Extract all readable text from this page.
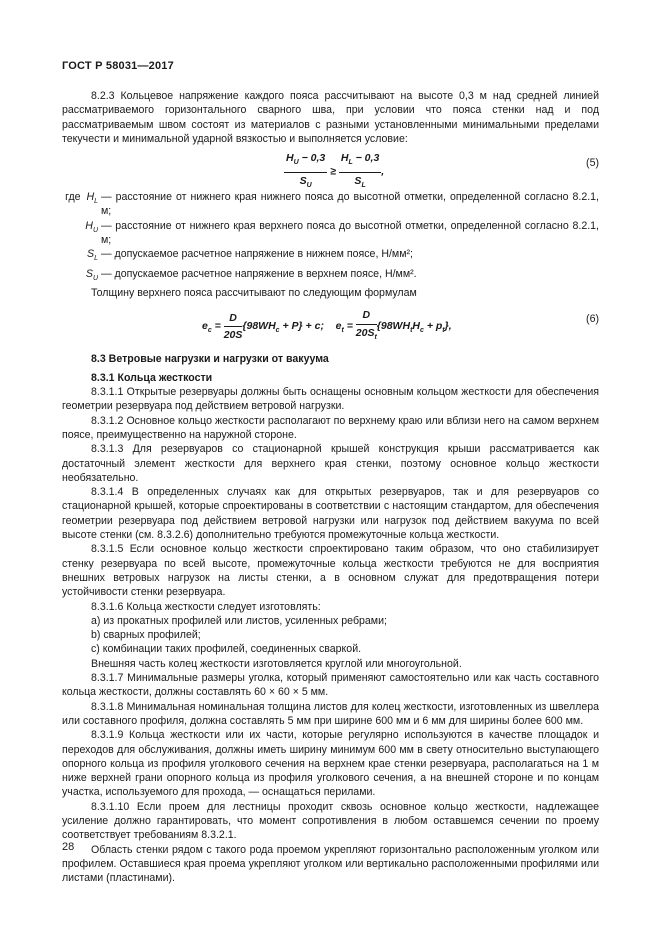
ГОСТ Р 58031—2017

8.2.3 Кольцевое напряжение каждого пояса рассчитывают на высоте 0,3 м над средней линией рассматриваемого горизонтального сварного шва, при условии что пояса стенки над и под рассматриваемым швом состоят из материалов с разными установленными минимальными пределами текучести и минимальной ударной вязкостью и выполняется условие:

$\frac{H_U - 0,3}{S_U} \ge \frac{H_L - 0,3}{S_L}$ ,
(5)
где $H_L$ — расстояние от нижнего края нижнего пояса до высотной отметки, определенной согласно 8.2.1, м;
$H_U$ — расстояние от нижнего края верхнего пояса до высотной отметки, определенной согласно 8.2.1, м;
$S_L$ — допускаемое расчетное напряжение в нижнем поясе, Н/мм²;
$S_U$ — допускаемое расчетное напряжение в верхнем поясе, Н/мм².

Толщину верхнего пояса рассчитывают по следующим формулам

$e_c = \frac{D}{20S} \{98WH_c + P\} + c$; $e_t = \frac{D}{20S_t} \{98WH_tH_c + p_t\}$,
(6)

8.3 Ветровые нагрузки и нагрузки от вакуума

8.3.1 Кольца жесткости

8.3.1.1 Открытые резервуары должны быть оснащены основным кольцом жесткости для обеспечения геометрии резервуара под действием ветровой нагрузки.

8.3.1.2 Основное кольцо жесткости располагают по верхнему краю или вблизи него на самом верхнем поясе, преимущественно на наружной стороне.

8.3.1.3 Для резервуаров со стационарной крышей конструкция крыши рассматривается как достаточный элемент жесткости для верхнего края стенки, поэтому основное кольцо жесткости необязательно.

8.3.1.4 В определенных случаях как для открытых резервуаров, так и для резервуаров со стационарной крышей, которые спроектированы в соответствии с настоящим стандартом, для обеспечения геометрии резервуара под действием ветровой нагрузки или нагрузок под действием вакуума по всей высоте стенки (см. 8.3.2.6) дополнительно требуются промежуточные кольца жесткости.

8.3.1.5 Если основное кольцо жесткости спроектировано таким образом, что оно стабилизирует стенку резервуара по всей высоте, промежуточные кольца жесткости требуются не для восприятия внешних ветровых нагрузок на листы стенки, а в основном служат для предотвращения потери устойчивости стенки резервуара.

8.3.1.6 Кольца жесткости следует изготовлять:

a) из прокатных профилей или листов, усиленных ребрами;

b) сварных профилей;

c) комбинации таких профилей, соединенных сваркой.

Внешняя часть колец жесткости изготовляется круглой или многоугольной.

8.3.1.7 Минимальные размеры уголка, который применяют самостоятельно или как часть составного кольца жесткости, должны составлять 60 × 60 × 5 мм.

8.3.1.8 Минимальная номинальная толщина листов для колец жесткости, изготовленных из швеллера или составного профиля, должна составлять 5 мм при ширине 600 мм и 6 мм для ширины более 600 мм.

8.3.1.9 Кольца жесткости или их части, которые регулярно используются в качестве площадок и переходов для обслуживания, должны иметь ширину минимум 600 мм в свету относительно выступающего опорного кольца из профиля уголкового сечения на верхнем крае стенки резервуара, располагаться на 1 м ниже верхней грани опорного кольца из профиля уголкового сечения, а на внешней стороне и по концам участка, используемого для прохода, — оснащаться перилами.

8.3.1.10 Если проем для лестницы проходит сквозь основное кольцо жесткости, надлежащее усиление должно гарантировать, что момент сопротивления в любом оставшемся сечении по проему соответствует требованиям 8.3.2.1.

Область стенки рядом с такого рода проемом укрепляют горизонтально расположенным уголком или профилем. Оставшиеся края проема укрепляют уголком или вертикально расположенными профилями или листами (пластинами).

28
